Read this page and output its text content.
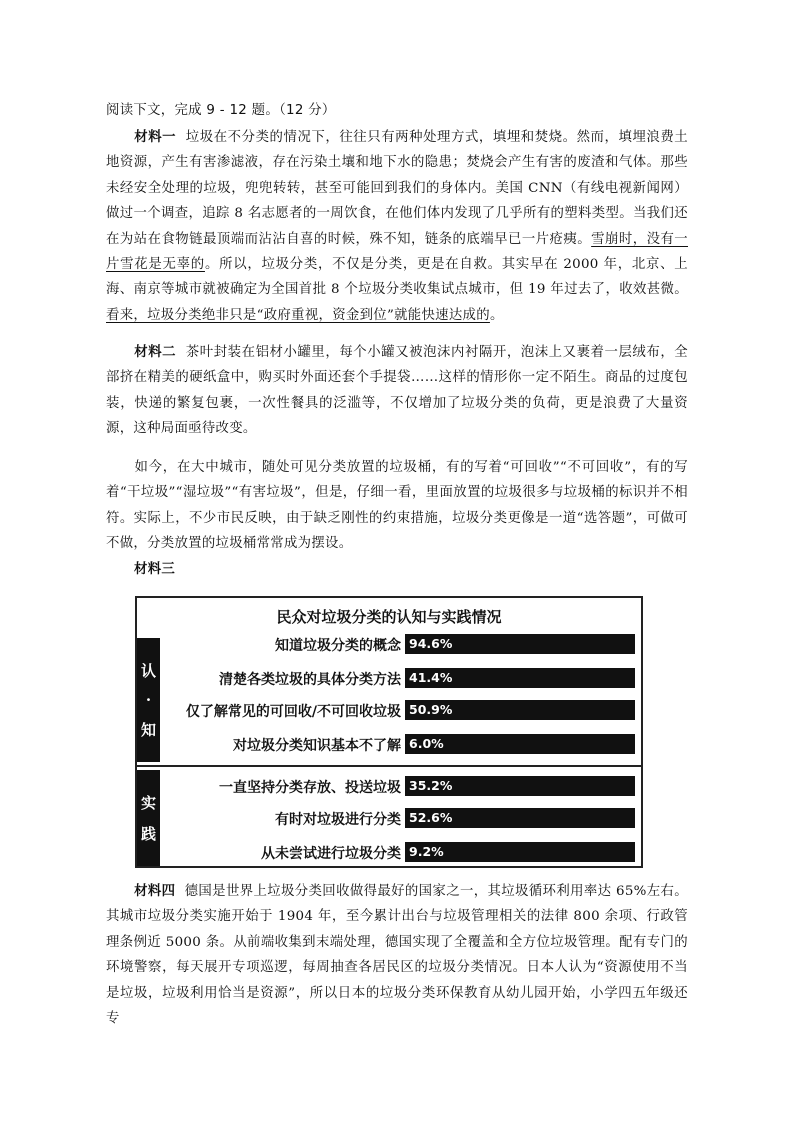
阅读下文，完成 9 - 12 题。（12 分）
材料一 垃圾在不分类的情况下，往往只有两种处理方式，填埋和焚烧。然而，填埋浪费土地资源，产生有害渗滤液，存在污染土壤和地下水的隐患；焚烧会产生有害的废渣和气体。那些未经安全处理的垃圾，兜兜转转，甚至可能回到我们的身体内。美国 CNN（有线电视新闻网）做过一个调查，追踪 8 名志愿者的一周饮食，在他们体内发现了几乎所有的塑料类型。当我们还在为站在食物链最顶端而沾沾自喜的时候，殊不知，链条的底端早已一片疮痍。雪崩时，没有一片雪花是无辜的。所以，垃圾分类，不仅是分类，更是在自救。其实早在 2000 年，北京、上海、南京等城市就被确定为全国首批 8 个垃圾分类收集试点城市，但 19 年过去了，收效甚微。看来，垃圾分类绝非只是“政府重视，资金到位”就能快速达成的。
材料二 茶叶封装在铝材小罐里，每个小罐又被泡沫内衬隔开，泡沫上又裹着一层绒布，全部挤在精美的硬纸盒中，购买时外面还套个手提袋……这样的情形你一定不陌生。商品的过度包装，快递的繁复包裹，一次性餐具的泛滥等，不仅增加了垃圾分类的负荷，更是浪费了大量资源，这种局面亟待改变。
如今，在大中城市，随处可见分类放置的垃圾桶，有的写着“可回收”“不可回收”，有的写着“干垃圾”“湿垃圾”“有害垃圾”，但是，仔细一看，里面放置的垃圾很多与垃圾桶的标识并不相符。实际上，不少市民反映，由于缺乏刚性的约束措施，垃圾分类更像是一道“选答题”，可做可不做，分类放置的垃圾桶常常成为摆设。
材料三
民众对垃圾分类的认知与实践情况
认
·
知
实
践
知道垃圾分类的概念 94.6%
清楚各类垃圾的具体分类方法 41.4%
仅了解常见的可回收/不可回收垃圾 50.9%
对垃圾分类知识基本不了解 6.0%
一直坚持分类存放、投送垃圾 35.2%
有时对垃圾进行分类 52.6%
从未尝试进行垃圾分类 9.2%
材料四 德国是世界上垃圾分类回收做得最好的国家之一，其垃圾循环利用率达 65%左右。其城市垃圾分类实施开始于 1904 年，至今累计出台与垃圾管理相关的法律 800 余项、行政管理条例近 5000 条。从前端收集到末端处理，德国实现了全覆盖和全方位垃圾管理。配有专门的环境警察，每天展开专项巡逻，每周抽查各居民区的垃圾分类情况。日本人认为“资源使用不当是垃圾，垃圾利用恰当是资源”，所以日本的垃圾分类环保教育从幼儿园开始，小学四五年级还专
